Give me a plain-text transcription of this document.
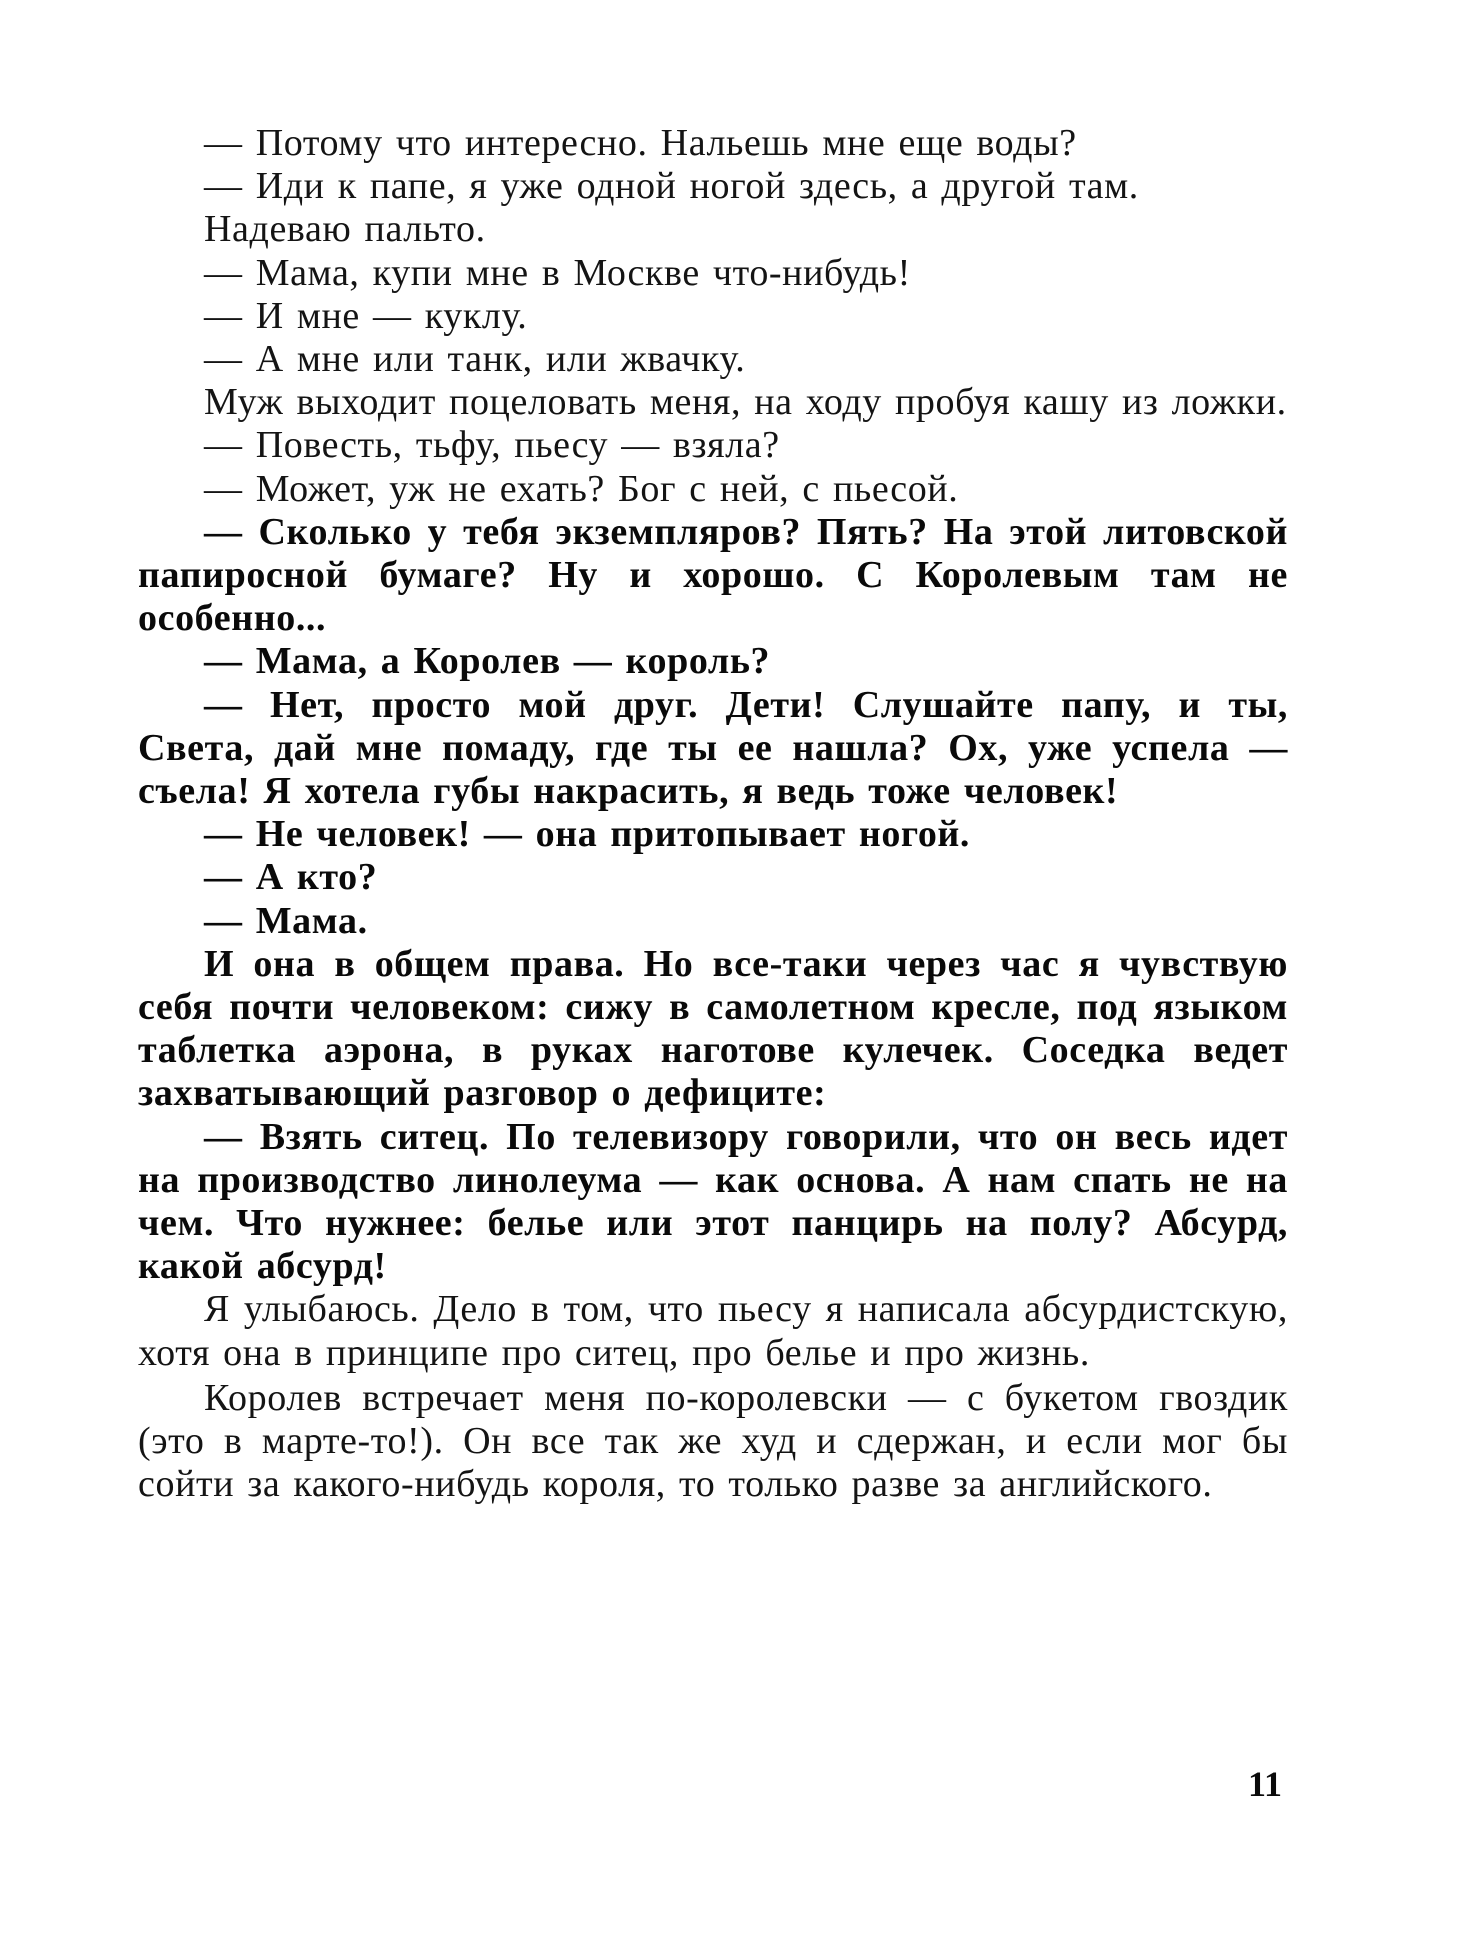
— Потому что интересно. Нальешь мне еще воды?

— Иди к папе, я уже одной ногой здесь, а другой там.

Надеваю пальто.

— Мама, купи мне в Москве что-нибудь!

— И мне — куклу.

— А мне или танк, или жвачку.

Муж выходит поцеловать меня, на ходу пробуя кашу из ложки.

— Повесть, тьфу, пьесу — взяла?

— Может, уж не ехать? Бог с ней, с пьесой.

— Сколько у тебя экземпляров? Пять? На этой литовской папиросной бумаге? Ну и хорошо. С Королевым там не особенно...

— Мама, а Королев — король?

— Нет, просто мой друг. Дети! Слушайте папу, и ты, Света, дай мне помаду, где ты ее нашла? Ох, уже успела — съела! Я хотела губы накрасить, я ведь тоже человек!

— Не человек! — она притопывает ногой.

— А кто?

— Мама.

И она в общем права. Но все-таки через час я чувствую себя почти человеком: сижу в самолетном кресле, под языком таблетка аэрона, в руках наготове кулечек. Соседка ведет захватывающий разговор о дефиците:

— Взять ситец. По телевизору говорили, что он весь идет на производство линолеума — как основа. А нам спать не на чем. Что нужнее: белье или этот панцирь на полу? Абсурд, какой абсурд!

Я улыбаюсь. Дело в том, что пьесу я написала абсурдистскую, хотя она в принципе про ситец, про белье и про жизнь.

Королев встречает меня по-королевски — с букетом гвоздик (это в марте-то!). Он все так же худ и сдержан, и если мог бы сойти за какого-нибудь короля, то только разве за английского.

11
